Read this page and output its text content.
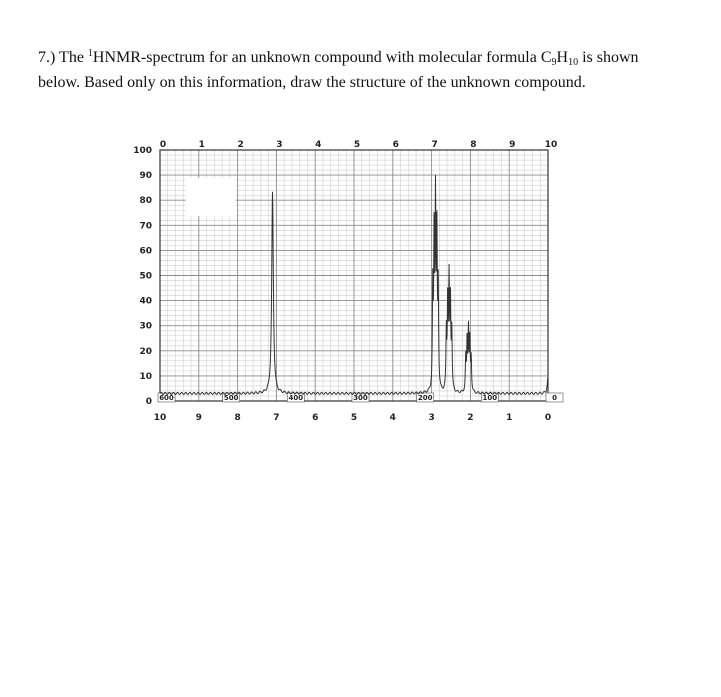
7.) The $^1$HNMR-spectrum for an unknown compound with molecular formula $C_9H_{10}$ is shown
below. Based only on this information, draw the structure of the unknown compound.
0	1	2	3	4	5	6	7	8	9	10
10	9	8	7	6	5	4	3	2	1	0
100
90
80
70
60
50
40
30
20
10
0 600	500	400	300	200	100	0
